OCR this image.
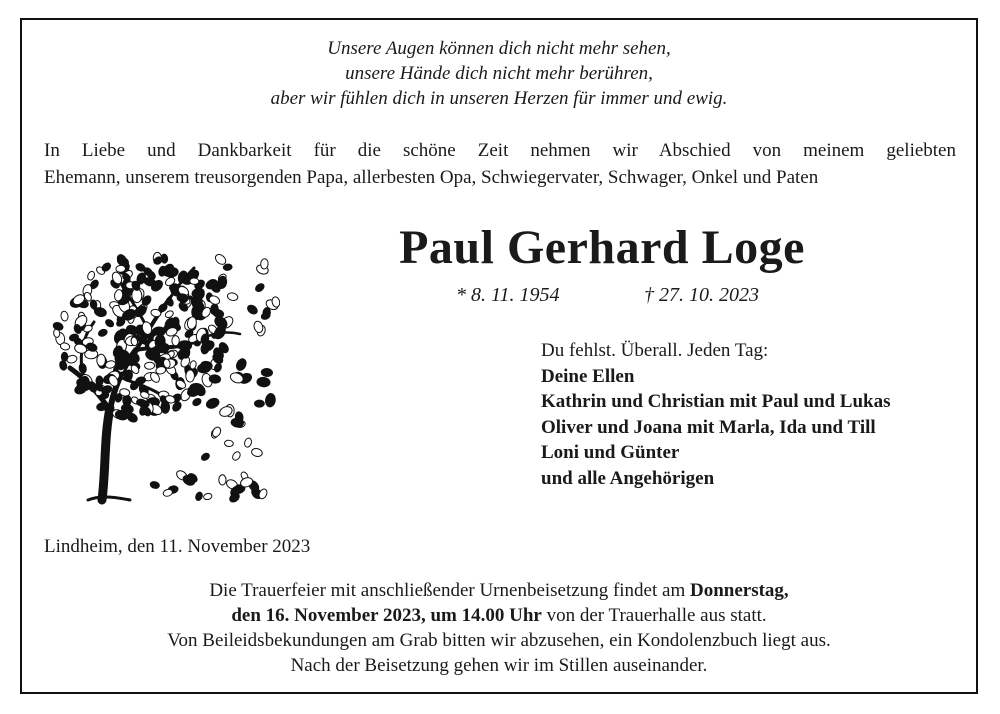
Unsere Augen können dich nicht mehr sehen,
unsere Hände dich nicht mehr berühren,
aber wir fühlen dich in unseren Herzen für immer und ewig.
In Liebe und Dankbarkeit für die schöne Zeit nehmen wir Abschied von meinem geliebten
Ehemann, unserem treusorgenden Papa, allerbesten Opa, Schwiegervater, Schwager, Onkel und Paten
Paul Gerhard Loge
* 8. 11. 1954	† 27. 10. 2023
Du fehlst. Überall. Jeden Tag:
Deine Ellen
Kathrin und Christian mit Paul und Lukas
Oliver und Joana mit Marla, Ida und Till
Loni und Günter
und alle Angehörigen
Lindheim, den 11. November 2023
Die Trauerfeier mit anschließender Urnenbeisetzung findet am Donnerstag,
den 16. November 2023, um 14.00 Uhr von der Trauerhalle aus statt.
Von Beileidsbekundungen am Grab bitten wir abzusehen, ein Kondolenzbuch liegt aus.
Nach der Beisetzung gehen wir im Stillen auseinander.
